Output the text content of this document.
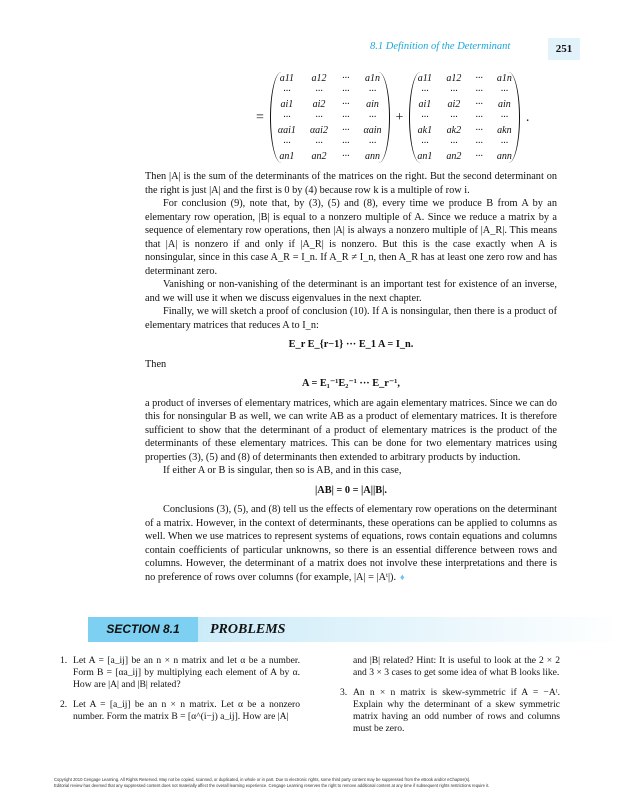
8.1 Definition of the Determinant	251
=
a11 a12 ··· a1n
···	···	···	···
ai1 ai2 ··· ain
···	···	···	···
αai1 αai2 ··· αain
···	···	···	···
an1 an2 ··· ann
+
a11 a12 ··· a1n
···	···	···	···
ai1 ai2 ··· ain
···	···	···	···
ak1 ak2 ··· akn
···	···	···	···
an1 an2 ··· ann
.

Then |A| is the sum of the determinants of the matrices on the right. But the second determinant on the right is just |A| and the first is 0 by (4) because row k is a multiple of row i.

For conclusion (9), note that, by (3), (5) and (8), every time we produce B from A by an elementary row operation, |B| is equal to a nonzero multiple of A. Since we reduce a matrix by a sequence of elementary row operations, then |A| is always a nonzero multiple of |A_R|. This means that |A| is nonzero if and only if |A_R| is nonzero. But this is the case exactly when A is nonsingular, since in this case A_R = I_n. If A_R ≠ I_n, then A_R has at least one zero row and has determinant zero.

Vanishing or non-vanishing of the determinant is an important test for existence of an inverse, and we will use it when we discuss eigenvalues in the next chapter.

Finally, we will sketch a proof of conclusion (10). If A is nonsingular, then there is a product of elementary matrices that reduces A to I_n:

E_r E_{r−1} ··· E_1 A = I_n.

Then

A = E₁⁻¹E₂⁻¹ ··· E_r⁻¹,

a product of inverses of elementary matrices, which are again elementary matrices. Since we can do this for nonsingular B as well, we can write AB as a product of elementary matrices. It is therefore sufficient to show that the determinant of a product of elementary matrices is the product of the determinants of these elementary matrices. This can be done for two elementary matrices using properties (3), (5) and (8) of determinants then extended to arbitrary products by induction.

If either A or B is singular, then so is AB, and in this case,

|AB| = 0 = |A||B|.

Conclusions (3), (5), and (8) tell us the effects of elementary row operations on the determinant of a matrix. However, in the context of determinants, these operations can be applied to columns as well. When we use matrices to represent systems of equations, rows contain equations and columns contain coefficients of particular unknowns, so there is an essential difference between rows and columns. However, the determinant of a matrix does not involve these interpretations and there is no preference of rows over columns (for example, |A| = |Aᵗ|). ♦

SECTION 8.1	PROBLEMS
1. Let A = [a_ij] be an n × n matrix and let α be a number. Form B = [αa_ij] by multiplying each element of A by α. How are |A| and |B| related?
2. Let A = [a_ij] be an n × n matrix. Let α be a nonzero number. Form the matrix B = [α^(i−j) a_ij]. How are |A|
and |B| related? Hint: It is useful to look at the 2 × 2 and 3 × 3 cases to get some idea of what B looks like.
3. An n × n matrix is skew-symmetric if A = −Aᵗ. Explain why the determinant of a skew symmetric matrix having an odd number of rows and columns must be zero.
Copyright 2010 Cengage Learning. All Rights Reserved. May not be copied, scanned, or duplicated, in whole or in part. Due to electronic rights, some third party content may be suppressed from the eBook and/or eChapter(s).
Editorial review has deemed that any suppressed content does not materially affect the overall learning experience. Cengage Learning reserves the right to remove additional content at any time if subsequent rights restrictions require it.
